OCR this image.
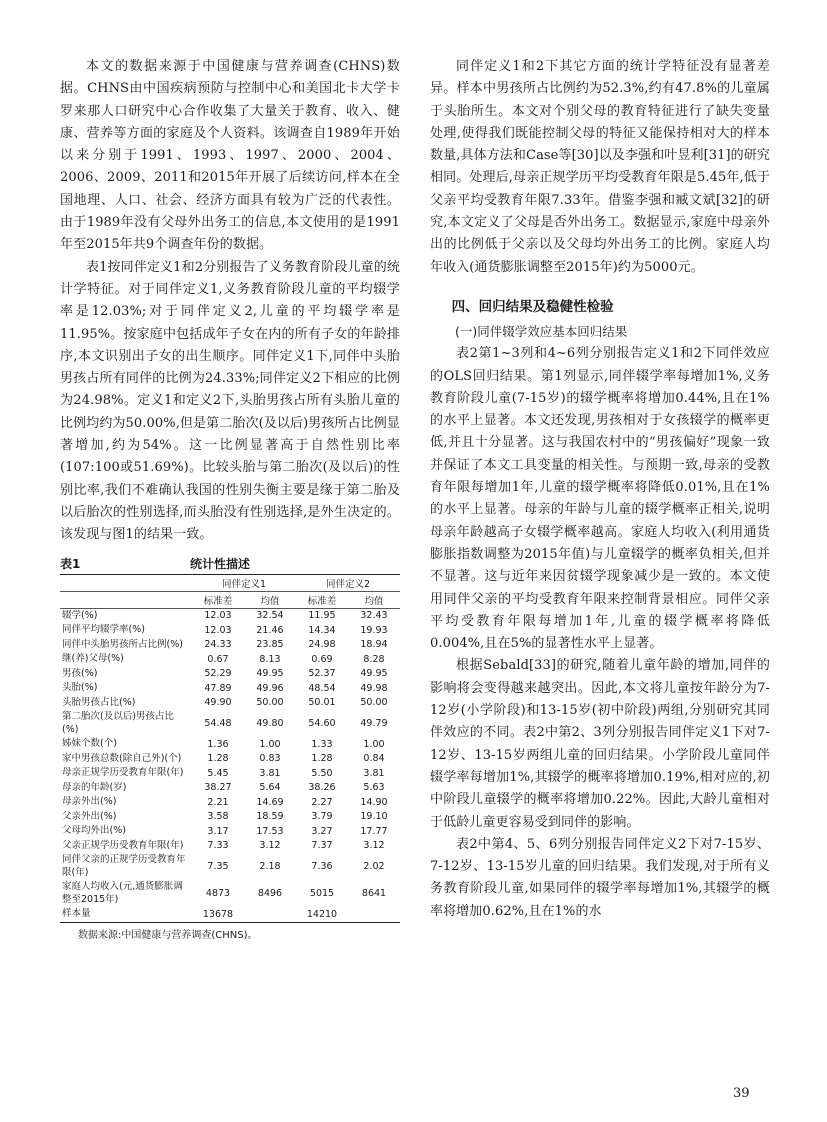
本文的数据来源于中国健康与营养调查(CHNS)数据。CHNS由中国疾病预防与控制中心和美国北卡大学卡罗来那人口研究中心合作收集了大量关于教育、收入、健康、营养等方面的家庭及个人资料。该调查自1989年开始以来分别于1991、1993、1997、2000、2004、2006、2009、2011和2015年开展了后续访问,样本在全国地理、人口、社会、经济方面具有较为广泛的代表性。由于1989年没有父母外出务工的信息,本文使用的是1991年至2015年共9个调查年份的数据。

表1按同伴定义1和2分别报告了义务教育阶段儿童的统计学特征。对于同伴定义1,义务教育阶段儿童的平均辍学率是12.03%;对于同伴定义2,儿童的平均辍学率是11.95%。按家庭中包括成年子女在内的所有子女的年龄排序,本文识别出子女的出生顺序。同伴定义1下,同伴中头胎男孩占所有同伴的比例为24.33%;同伴定义2下相应的比例为24.98%。定义1和定义2下,头胎男孩占所有头胎儿童的比例均约为50.00%,但是第二胎次(及以后)男孩所占比例显著增加,约为54%。这一比例显著高于自然性别比率(107:100或51.69%)。比较头胎与第二胎次(及以后)的性别比率,我们不难确认我国的性别失衡主要是缘于第二胎及以后胎次的性别选择,而头胎没有性别选择,是外生决定的。该发现与图1的结果一致。

表1	统计性描述
	同伴定义1		同伴定义2	
	标准差	均值	标准差	均值
辍学(%)	12.03	32.54	11.95	32.43
同伴平均辍学率(%)	12.03	21.46	14.34	19.93
同伴中头胎男孩所占比例(%)	24.33	23.85	24.98	18.94
继(养)父母(%)	0.67	8.13	0.69	8.28
男孩(%)	52.29	49.95	52.37	49.95
头胎(%)	47.89	49.96	48.54	49.98
头胎男孩占比(%)	49.90	50.00	50.01	50.00
第二胎次(及以后)男孩占比(%)	54.48	49.80	54.60	49.79
姊妹个数(个)	1.36	1.00	1.33	1.00
家中男孩总数(除自己外)(个)	1.28	0.83	1.28	0.84
母亲正规学历受教育年限(年)	5.45	3.81	5.50	3.81
母亲的年龄(岁)	38.27	5.64	38.26	5.63
母亲外出(%)	2.21	14.69	2.27	14.90
父亲外出(%)	3.58	18.59	3.79	19.10
父母均外出(%)	3.17	17.53	3.27	17.77
父亲正规学历受教育年限(年)	7.33	3.12	7.37	3.12
同伴父亲的正规学历受教育年限(年)	7.35	2.18	7.36	2.02
家庭人均收入(元,通货膨胀调整至2015年)	4873	8496	5015	8641
样本量	13678		14210	
数据来源:中国健康与营养调查(CHNS)。

同伴定义1和2下其它方面的统计学特征没有显著差异。样本中男孩所占比例约为52.3%,约有47.8%的儿童属于头胎所生。本文对个别父母的教育特征进行了缺失变量处理,使得我们既能控制父母的特征又能保持相对大的样本数量,具体方法和Case等[30]以及李强和叶昱利[31]的研究相同。处理后,母亲正规学历平均受教育年限是5.45年,低于父亲平均受教育年限7.33年。借鉴李强和臧文斌[32]的研究,本文定义了父母是否外出务工。数据显示,家庭中母亲外出的比例低于父亲以及父母均外出务工的比例。家庭人均年收入(通货膨胀调整至2015年)约为5000元。

四、回归结果及稳健性检验
(一)同伴辍学效应基本回归结果

表2第1~3列和4~6列分别报告定义1和2下同伴效应的OLS回归结果。第1列显示,同伴辍学率每增加1%,义务教育阶段儿童(7-15岁)的辍学概率将增加0.44%,且在1%的水平上显著。本文还发现,男孩相对于女孩辍学的概率更低,并且十分显著。这与我国农村中的“男孩偏好”现象一致并保证了本文工具变量的相关性。与预期一致,母亲的受教育年限每增加1年,儿童的辍学概率将降低0.01%,且在1%的水平上显著。母亲的年龄与儿童的辍学概率正相关,说明母亲年龄越高子女辍学概率越高。家庭人均收入(利用通货膨胀指数调整为2015年值)与儿童辍学的概率负相关,但并不显著。这与近年来因贫辍学现象减少是一致的。本文使用同伴父亲的平均受教育年限来控制背景相应。同伴父亲平均受教育年限每增加1年,儿童的辍学概率将降低0.004%,且在5%的显著性水平上显著。

根据Sebald[33]的研究,随着儿童年龄的增加,同伴的影响将会变得越来越突出。因此,本文将儿童按年龄分为7-12岁(小学阶段)和13-15岁(初中阶段)两组,分别研究其同伴效应的不同。表2中第2、3列分别报告同伴定义1下对7-12岁、13-15岁两组儿童的回归结果。小学阶段儿童同伴辍学率每增加1%,其辍学的概率将增加0.19%,相对应的,初中阶段儿童辍学的概率将增加0.22%。因此,大龄儿童相对于低龄儿童更容易受到同伴的影响。

表2中第4、5、6列分别报告同伴定义2下对7-15岁、7-12岁、13-15岁儿童的回归结果。我们发现,对于所有义务教育阶段儿童,如果同伴的辍学率每增加1%,其辍学的概率将增加0.62%,且在1%的水

39
